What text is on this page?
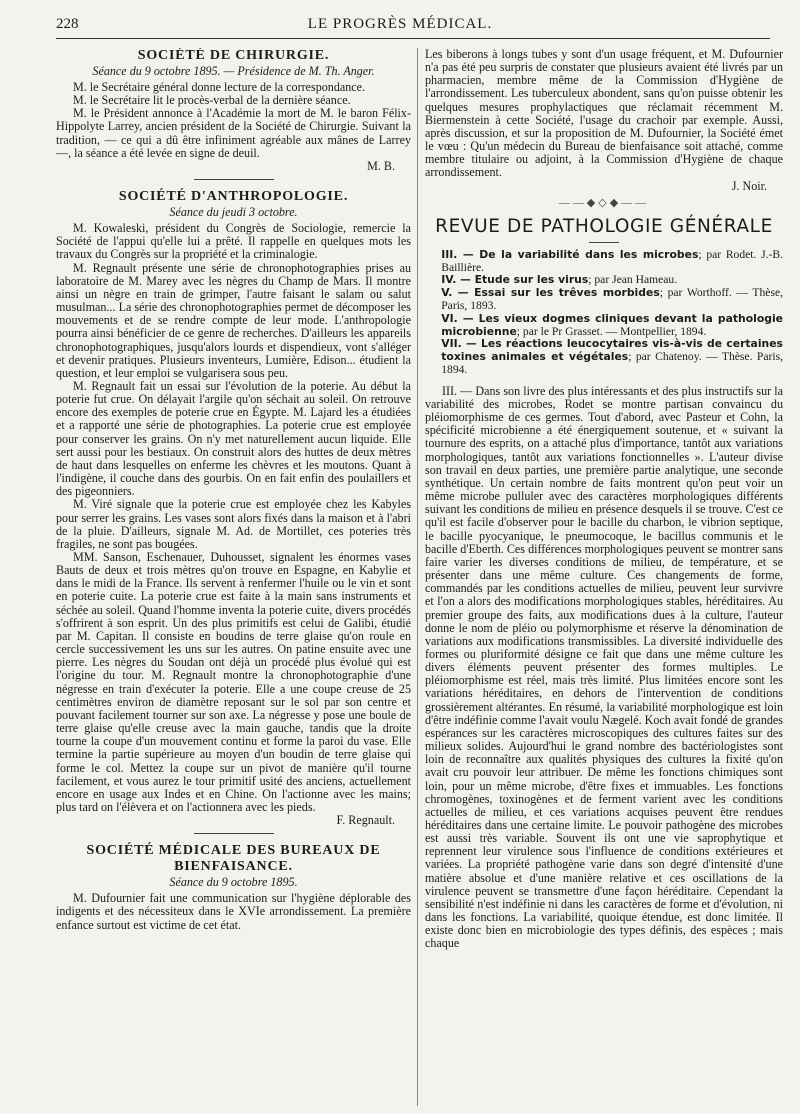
228	LE PROGRÈS MÉDICAL.
SOCIÉTÉ DE CHIRURGIE.
Séance du 9 octobre 1895. — Présidence de M. Th. Anger.

M. le Secrétaire général donne lecture de la correspondance.

M. le Secrétaire lit le procès-verbal de la dernière séance.

M. le Président annonce à l'Académie la mort de M. le baron Félix-Hippolyte Larrey, ancien président de la Société de Chirurgie. Suivant la tradition, — ce qui a dû être infiniment agréable aux mânes de Larrey —, la séance a été levée en signe de deuil.

M. B.
SOCIÉTÉ D'ANTHROPOLOGIE.
Séance du jeudi 3 octobre.

M. Kowaleski, président du Congrès de Sociologie, remercie la Société de l'appui qu'elle lui a prêté. Il rappelle en quelques mots les travaux du Congrès sur la propriété et la criminalogie.

M. Regnault présente une série de chronophotographies prises au laboratoire de M. Marey avec les nègres du Champ de Mars. Il montre ainsi un nègre en train de grimper, l'autre faisant le salam ou salut musulman... La série des chronophotographies permet de décomposer les mouvements et de se rendre compte de leur mode. L'anthropologie pourra ainsi bénéficier de ce genre de recherches. D'ailleurs les appareils chronophotographiques, jusqu'alors lourds et dispendieux, vont s'alléger et devenir pratiques. Plusieurs inventeurs, Lumière, Edison... étudient la question, et leur emploi se vulgarisera sous peu.

M. Regnault fait un essai sur l'évolution de la poterie. Au début la poterie fut crue. On délayait l'argile qu'on séchait au soleil. On retrouve encore des exemples de poterie crue en Égypte. M. Lajard les a étudiées et a rapporté une série de photographies. La poterie crue est employée pour conserver les grains. On n'y met naturellement aucun liquide. Elle sert aussi pour les bestiaux. On construit alors des huttes de deux mètres de haut dans lesquelles on enferme les chèvres et les moutons. Quant à l'indigène, il couche dans des gourbis. On en fait enfin des poulaillers et des pigeonniers.

M. Viré signale que la poterie crue est employée chez les Kabyles pour serrer les grains. Les vases sont alors fixés dans la maison et à l'abri de la pluie. D'ailleurs, signale M. Ad. de Mortillet, ces poteries très fragiles, ne sont pas bougées.

MM. Sanson, Eschenauer, Duhousset, signalent les énormes vases Bauts de deux et trois mètres qu'on trouve en Espagne, en Kabylie et dans le midi de la France. Ils servent à renfermer l'huile ou le vin et sont en poterie cuite. La poterie crue est faite à la main sans instruments et séchée au soleil. Quand l'homme inventa la poterie cuite, divers procédés s'offrirent à son esprit. Un des plus primitifs est celui de Galibi, étudié par M. Capitan. Il consiste en boudins de terre glaise qu'on roule en cercle successivement les uns sur les autres. On patine ensuite avec une pierre. Les nègres du Soudan ont déjà un procédé plus évolué qui est l'origine du tour. M. Regnault montre la chronophotographie d'une négresse en train d'exécuter la poterie. Elle a une coupe creuse de 25 centimètres environ de diamètre reposant sur le sol par son centre et pouvant facilement tourner sur son axe. La négresse y pose une boule de terre glaise qu'elle creuse avec la main gauche, tandis que la droite tourne la coupe d'un mouvement continu et forme la paroi du vase. Elle termine la partie supérieure au moyen d'un boudin de terre glaise qui forme le col. Mettez la coupe sur un pivot de manière qu'il tourne facilement, et vous aurez le tour primitif usité des anciens, actuellement encore en usage aux Indes et en Chine. On l'actionne avec les mains; plus tard on l'élèvera et on l'actionnera avec les pieds.

F. Regnault.
SOCIÉTÉ MÉDICALE DES BUREAUX DE BIENFAISANCE.
Séance du 9 octobre 1895.

M. Dufournier fait une communication sur l'hygiène déplorable des indigents et des nécessiteux dans le XVIe arrondissement. La première enfance surtout est victime de cet état.

Les biberons à longs tubes y sont d'un usage fréquent, et M. Dufournier n'a pas été peu surpris de constater que plusieurs avaient été livrés par un pharmacien, membre même de la Commission d'Hygiène de l'arrondissement. Les tuberculeux abondent, sans qu'on puisse obtenir les quelques mesures prophylactiques que réclamait récemment M. Biermenstein à cette Société, l'usage du crachoir par exemple. Aussi, après discussion, et sur la proposition de M. Dufournier, la Société émet le vœu : Qu'un médecin du Bureau de bienfaisance soit attaché, comme membre titulaire ou adjoint, à la Commission d'Hygiène de chaque arrondissement.

J. Noir.
——◆◇◆——
REVUE DE PATHOLOGIE GÉNÉRALE

III. — De la variabilité dans les microbes; par Rodet. J.-B. Baillière.

IV. — Etude sur les virus; par Jean Hameau.

V. — Essai sur les trêves morbides; par Worthoff. — Thèse, Paris, 1893.

VI. — Les vieux dogmes cliniques devant la pathologie microbienne; par le Pr Grasset. — Montpellier, 1894.

VII. — Les réactions leucocytaires vis-à-vis de certaines toxines animales et végétales; par Chatenoy. — Thèse. Paris, 1894.

III. — Dans son livre des plus intéressants et des plus instructifs sur la variabilité des microbes, Rodet se montre partisan convaincu du pléiomorphisme de ces germes. Tout d'abord, avec Pasteur et Cohn, la spécificité microbienne a été énergiquement soutenue, et « suivant la tournure des esprits, on a attaché plus d'importance, tantôt aux variations morphologiques, tantôt aux variations fonctionnelles ». L'auteur divise son travail en deux parties, une première partie analytique, une seconde synthétique. Un certain nombre de faits montrent qu'on peut voir un même microbe pulluler avec des caractères morphologiques différents suivant les conditions de milieu en présence desquels il se trouve. C'est ce qu'il est facile d'observer pour le bacille du charbon, le vibrion septique, le bacille pyocyanique, le pneumocoque, le bacillus communis et le bacille d'Eberth. Ces différences morphologiques peuvent se montrer sans faire varier les diverses conditions de milieu, de température, et se présenter dans une même culture. Ces changements de forme, commandés par les conditions actuelles de milieu, peuvent leur survivre et l'on a alors des modifications morphologiques stables, héréditaires. Au premier groupe des faits, aux modifications dues à la culture, l'auteur donne le nom de pléio ou polymorphisme et réserve la dénomination de variations aux modifications transmissibles. La diversité individuelle des formes ou pluriformité désigne ce fait que dans une même culture les divers éléments peuvent présenter des formes multiples. Le pléiomorphisme est réel, mais très limité. Plus limitées encore sont les variations héréditaires, en dehors de l'intervention de conditions grossièrement altérantes. En résumé, la variabilité morphologique est loin d'être indéfinie comme l'avait voulu Nægelé. Koch avait fondé de grandes espérances sur les caractères microscopiques des cultures faites sur des milieux solides. Aujourd'hui le grand nombre des bactériologistes sont loin de reconnaître aux qualités physiques des cultures la fixité qu'on avait cru pouvoir leur attribuer. De même les fonctions chimiques sont loin, pour un même microbe, d'être fixes et immuables. Les fonctions chromogènes, toxinogènes et de ferment varient avec les conditions actuelles de milieu, et ces variations acquises peuvent être rendues héréditaires dans une certaine limite. Le pouvoir pathogène des microbes est aussi très variable. Souvent ils ont une vie saprophytique et reprennent leur virulence sous l'influence de conditions extérieures et variées. La propriété pathogène varie dans son degré d'intensité d'une matière absolue et d'une manière relative et ces oscillations de la virulence peuvent se transmettre d'une façon héréditaire. Cependant la sensibilité n'est indéfinie ni dans les caractères de forme et d'évolution, ni dans les fonctions. La variabilité, quoique étendue, est donc limitée. Il existe donc bien en microbiologie des types définis, des espèces ; mais chaque
